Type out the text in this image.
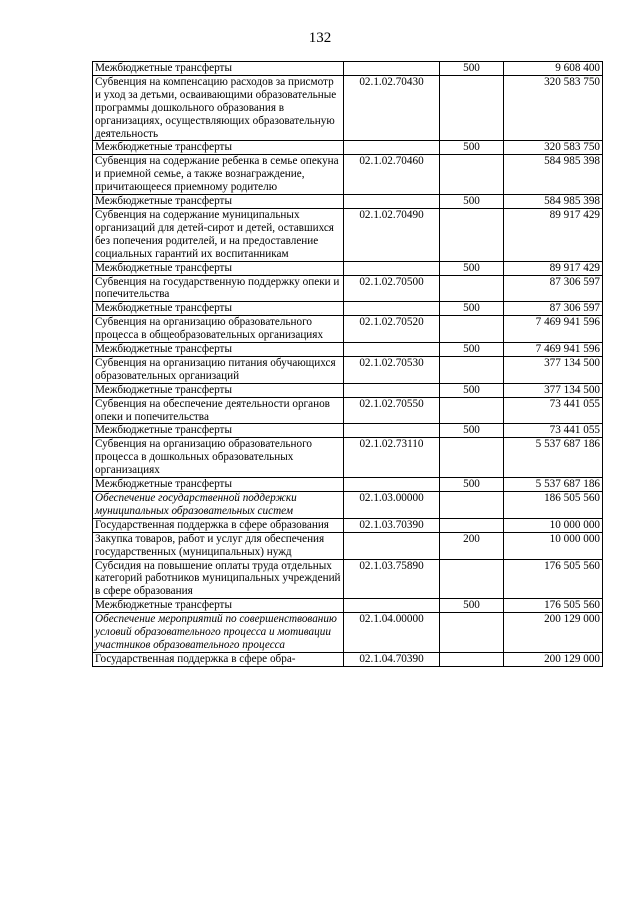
132
Межбюджетные трансферты		500	9 608 400
Субвенция на компенсацию расходов за присмотр и уход за детьми, осваивающими образовательные программы дошкольного образования в организациях, осуществляющих образовательную деятельность	02.1.02.70430		320 583 750
Межбюджетные трансферты		500	320 583 750
Субвенция на содержание ребенка в семье опекуна и приемной семье, а также вознаграждение, причитающееся приемному родителю	02.1.02.70460		584 985 398
Межбюджетные трансферты		500	584 985 398
Субвенция на содержание муниципальных организаций для детей-сирот и детей, оставшихся без попечения родителей, и на предоставление социальных гарантий их воспитанникам	02.1.02.70490		89 917 429
Межбюджетные трансферты		500	89 917 429
Субвенция на государственную поддержку опеки и попечительства	02.1.02.70500		87 306 597
Межбюджетные трансферты		500	87 306 597
Субвенция на организацию образовательного процесса в общеобразовательных организациях	02.1.02.70520		7 469 941 596
Межбюджетные трансферты		500	7 469 941 596
Субвенция на организацию питания обучающихся образовательных организаций	02.1.02.70530		377 134 500
Межбюджетные трансферты		500	377 134 500
Субвенция на обеспечение деятельности органов опеки и попечительства	02.1.02.70550		73 441 055
Межбюджетные трансферты		500	73 441 055
Субвенция на организацию образовательного процесса в дошкольных образовательных организациях	02.1.02.73110		5 537 687 186
Межбюджетные трансферты		500	5 537 687 186
Обеспечение государственной поддержки муниципальных образовательных систем	02.1.03.00000		186 505 560
Государственная поддержка в сфере образования	02.1.03.70390		10 000 000
Закупка товаров, работ и услуг для обеспечения государственных (муниципальных) нужд		200	10 000 000
Субсидия на повышение оплаты труда отдельных категорий работников муниципальных учреждений в сфере образования	02.1.03.75890		176 505 560
Межбюджетные трансферты		500	176 505 560
Обеспечение мероприятий по совершенствованию условий образовательного процесса и мотивации участников образовательного процесса	02.1.04.00000		200 129 000
Государственная поддержка в сфере обра-	02.1.04.70390		200 129 000
